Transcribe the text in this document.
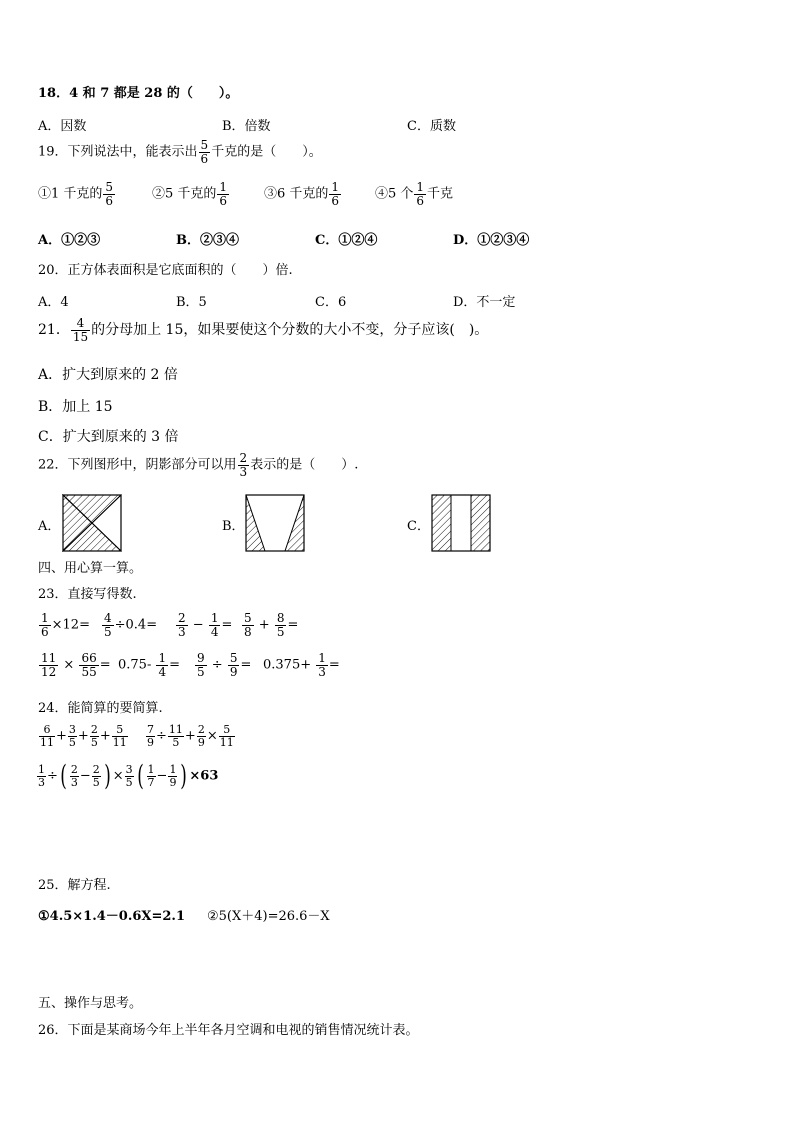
18．4 和 7 都是 28 的（　　）。
A．因数	B．倍数	C．质数
19．下列说法中，能表示出 $\frac{5}{6}$ 千克的是（　　）。
①1 千克的 $\frac{5}{6}$	②5 千克的 $\frac{1}{6}$	③6 千克的 $\frac{1}{6}$	④5 个 $\frac{1}{6}$ 千克
A．①②③	B．②③④	C．①②④	D．①②③④
20．正方体表面积是它底面积的（　　）倍.
A．4	B．5	C．6	D．不一定
21． $\frac{4}{15}$ 的分母加上 15，如果要使这个分数的大小不变，分子应该(　)。
A．扩大到原来的 2 倍
B．加上 15
C．扩大到原来的 3 倍
22．下列图形中，阴影部分可以用 $\frac{2}{3}$ 表示的是（　　）.
A．	B．	C．
四、用心算一算。
23．直接写得数.
$\frac{1}{6} \times 12= \frac{4}{5} \div 0.4= \frac{2}{3} - \frac{1}{4} = \frac{5}{8} + \frac{8}{5}$ =
$\frac{11}{12} \times \frac{66}{55} = 0.75- \frac{1}{4} = \frac{9}{5} \div \frac{5}{9} = 0.375+ \frac{1}{3}$ =
24．能简算的要简算.
$\frac{6}{11} + \frac{3}{5} + \frac{2}{5} + \frac{5}{11} \frac{7}{9} \div \frac{11}{5} + \frac{2}{9} \times \frac{5}{11}$
$\frac{1}{3}$ ÷( $\frac{2}{3} - \frac{2}{5}$ ) × $\frac{3}{5}$ ( $\frac{1}{7} - \frac{1}{9}$ ) ×63
25．解方程.
①4.5×1.4－0.6X=2.1 ②5(X＋4)=26.6－X
五、操作与思考。
26．下面是某商场今年上半年各月空调和电视的销售情况统计表。
